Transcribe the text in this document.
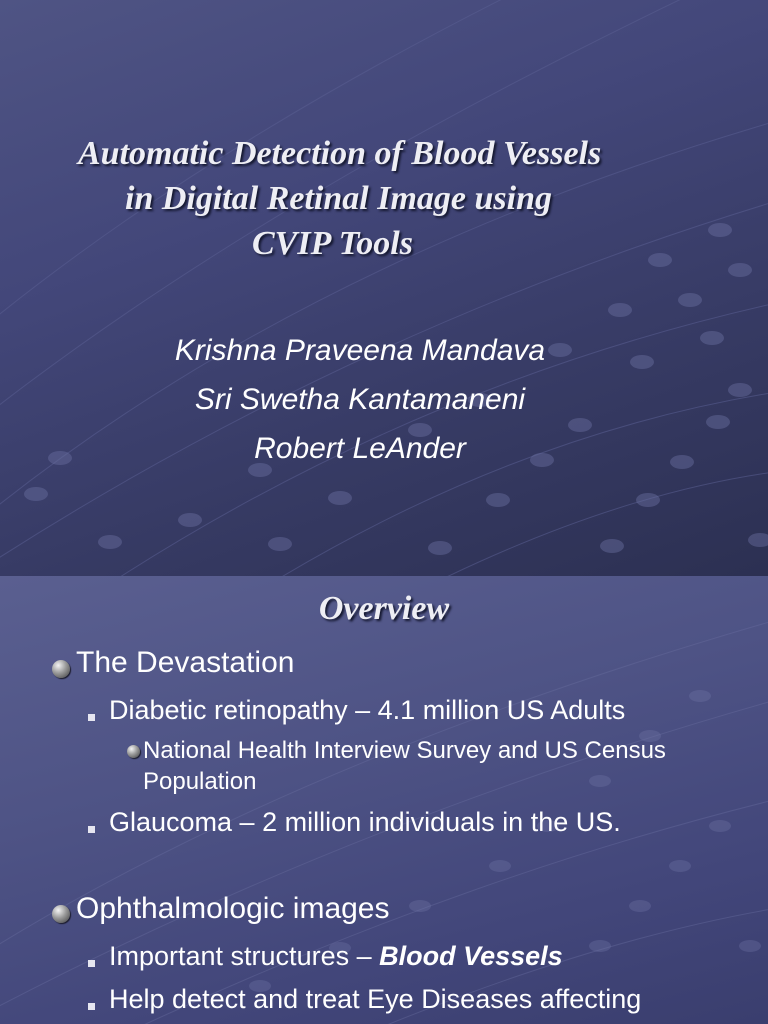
Automatic Detection of Blood Vessels

in Digital Retinal Image using

CVIP Tools

Krishna Praveena Mandava

Sri Swetha Kantamaneni

Robert LeAnder

Overview

The Devastation
Diabetic retinopathy – 4.1 million US Adults
National Health Interview Survey and US Census Population
Glaucoma – 2 million individuals in the US.
Ophthalmologic images
Important structures – Blood Vessels
Help detect and treat Eye Diseases affecting
